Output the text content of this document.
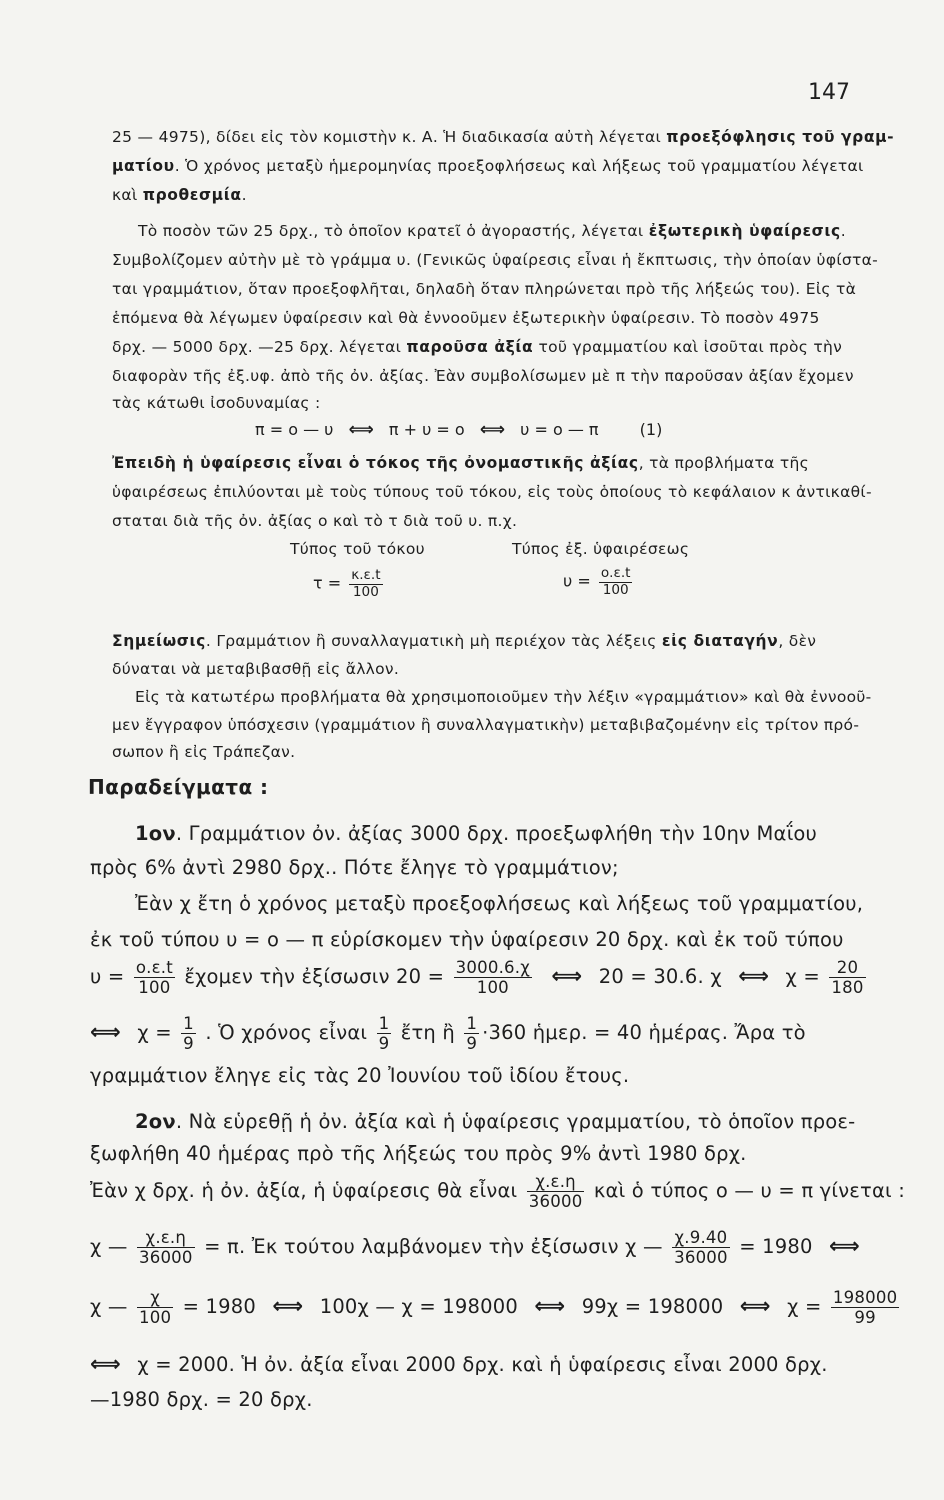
147
25 — 4975), δίδει εἰς τὸν κομιστὴν κ. Α. Ἡ διαδικασία αὐτὴ λέγεται προεξόφλησις τοῦ γραμ-
ματίου. Ὁ χρόνος μεταξὺ ἡμερομηνίας προεξοφλήσεως καὶ λήξεως τοῦ γραμματίου λέγεται
καὶ προθεσμία.
Τὸ ποσὸν τῶν 25 δρχ., τὸ ὁποῖον κρατεῖ ὁ ἀγοραστής, λέγεται ἐξωτερικὴ ὑφαίρεσις.
Συμβολίζομεν αὐτὴν μὲ τὸ γράμμα υ. (Γενικῶς ὑφαίρεσις εἶναι ἡ ἔκπτωσις, τὴν ὁποίαν ὑφίστα-
ται γραμμάτιον, ὅταν προεξοφλῆται, δηλαδὴ ὅταν πληρώνεται πρὸ τῆς λήξεώς του). Εἰς τὰ
ἑπόμενα θὰ λέγωμεν ὑφαίρεσιν καὶ θὰ ἐννοοῦμεν ἐξωτερικὴν ὑφαίρεσιν. Τὸ ποσὸν 4975
δρχ. — 5000 δρχ. —25 δρχ. λέγεται παροῦσα ἀξία τοῦ γραμματίου καὶ ἰσοῦται πρὸς τὴν
διαφορὰν τῆς ἐξ.υφ. ἀπὸ τῆς ὀν. ἀξίας. Ἐὰν συμβολίσωμεν μὲ π τὴν παροῦσαν ἀξίαν ἔχομεν
τὰς κάτωθι ἰσοδυναμίας :
π = ο — υ ⟺ π + υ = ο ⟺ υ = ο — π	(1)
Ἐπειδὴ ἡ ὑφαίρεσις εἶναι ὁ τόκος τῆς ὀνομαστικῆς ἀξίας, τὰ προβλήματα τῆς
ὑφαιρέσεως ἐπιλύονται μὲ τοὺς τύπους τοῦ τόκου, εἰς τοὺς ὁποίους τὸ κεφάλαιον κ ἀντικαθί-
σταται διὰ τῆς ὀν. ἀξίας ο καὶ τὸ τ διὰ τοῦ υ. π.χ.
Τύπος τοῦ τόκου	Τύπος ἐξ. ὑφαιρέσεως
$\tau = \frac{\kappa.\varepsilon.t}{100}$	$\upsilon = \frac{o.\varepsilon.t}{100}$
Σημείωσις. Γραμμάτιον ἢ συναλλαγματικὴ μὴ περιέχον τὰς λέξεις εἰς διαταγήν, δὲν
δύναται νὰ μεταβιβασθῇ εἰς ἄλλον.
Εἰς τὰ κατωτέρω προβλήματα θὰ χρησιμοποιοῦμεν τὴν λέξιν «γραμμάτιον» καὶ θὰ ἐννοοῦ-
μεν ἔγγραφον ὑπόσχεσιν (γραμμάτιον ἢ συναλλαγματικὴν) μεταβιβαζομένην εἰς τρίτον πρό-
σωπον ἢ εἰς Τράπεζαν.
Παραδείγματα :
1ον. Γραμμάτιον ὀν. ἀξίας 3000 δρχ. προεξωφλήθη τὴν 10ην Μαΐου
πρὸς 6% ἀντὶ 2980 δρχ.. Πότε ἔληγε τὸ γραμμάτιον;
Ἐὰν χ ἔτη ὁ χρόνος μεταξὺ προεξοφλήσεως καὶ λήξεως τοῦ γραμματίου,
ἐκ τοῦ τύπου υ = ο — π εὑρίσκομεν τὴν ὑφαίρεσιν 20 δρχ. καὶ ἐκ τοῦ τύπου
$\upsilon = \frac{o.\varepsilon.t}{100}$ ἔχομεν τὴν ἐξίσωσιν $20 = \frac{3000.6.\chi}{100}$ ⟺ 20 = 30.6. χ ⟺ $\chi = \frac{20}{180}$
⟺ $\chi = \frac{1}{9}$ . Ὁ χρόνος εἶναι $\frac{1}{9}$ ἔτη ἢ $\frac{1}{9} \cdot 360$ ἡμερ. = 40 ἡμέρας. Ἄρα τὸ
γραμμάτιον ἔληγε εἰς τὰς 20 Ἰουνίου τοῦ ἰδίου ἔτους.
2ον. Νὰ εὑρεθῇ ἡ ὀν. ἀξία καὶ ἡ ὑφαίρεσις γραμματίου, τὸ ὁποῖον προε-
ξωφλήθη 40 ἡμέρας πρὸ τῆς λήξεώς του πρὸς 9% ἀντὶ 1980 δρχ.
Ἐὰν χ δρχ. ἡ ὀν. ἀξία, ἡ ὑφαίρεσις θὰ εἶναι $\frac{\chi.\varepsilon.\eta}{36000}$ καὶ ὁ τύπος ο — υ = π γίνεται :
χ — $\frac{\chi.\varepsilon.\eta}{36000} = \pi$. Ἐκ τούτου λαμβάνομεν τὴν ἐξίσωσιν χ — $\frac{\chi.9.40}{36000} = 1980$ ⟺
χ — $\frac{\chi}{100} = 1980$ ⟺ 100χ — χ = 198000 ⟺ 99χ = 198000 ⟺ $\chi = \frac{198000}{99}$
⟺ χ = 2000. Ἡ ὀν. ἀξία εἶναι 2000 δρχ. καὶ ἡ ὑφαίρεσις εἶναι 2000 δρχ.
—1980 δρχ. = 20 δρχ.
